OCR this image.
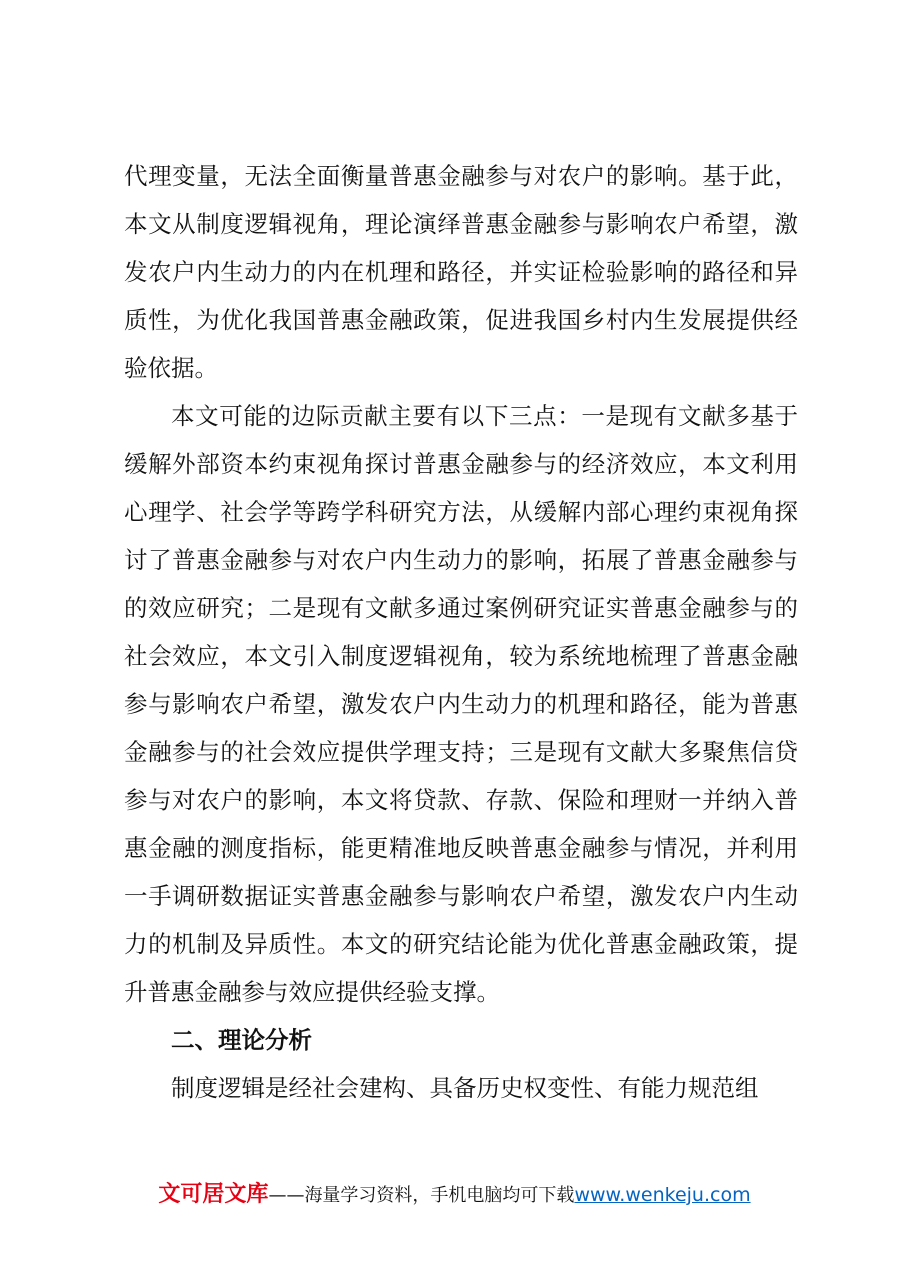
代理变量，无法全面衡量普惠金融参与对农户的影响。基于此，本文从制度逻辑视角，理论演绎普惠金融参与影响农户希望，激发农户内生动力的内在机理和路径，并实证检验影响的路径和异质性，为优化我国普惠金融政策，促进我国乡村内生发展提供经验依据。

本文可能的边际贡献主要有以下三点：一是现有文献多基于缓解外部资本约束视角探讨普惠金融参与的经济效应，本文利用心理学、社会学等跨学科研究方法，从缓解内部心理约束视角探讨了普惠金融参与对农户内生动力的影响，拓展了普惠金融参与的效应研究；二是现有文献多通过案例研究证实普惠金融参与的社会效应，本文引入制度逻辑视角，较为系统地梳理了普惠金融参与影响农户希望，激发农户内生动力的机理和路径，能为普惠金融参与的社会效应提供学理支持；三是现有文献大多聚焦信贷参与对农户的影响，本文将贷款、存款、保险和理财一并纳入普惠金融的测度指标，能更精准地反映普惠金融参与情况，并利用一手调研数据证实普惠金融参与影响农户希望，激发农户内生动力的机制及异质性。本文的研究结论能为优化普惠金融政策，提升普惠金融参与效应提供经验支撑。

二、理论分析

制度逻辑是经社会建构、具备历史权变性、有能力规范组

文可居文库——海量学习资料，手机电脑均可下载www.wenkeju.com
